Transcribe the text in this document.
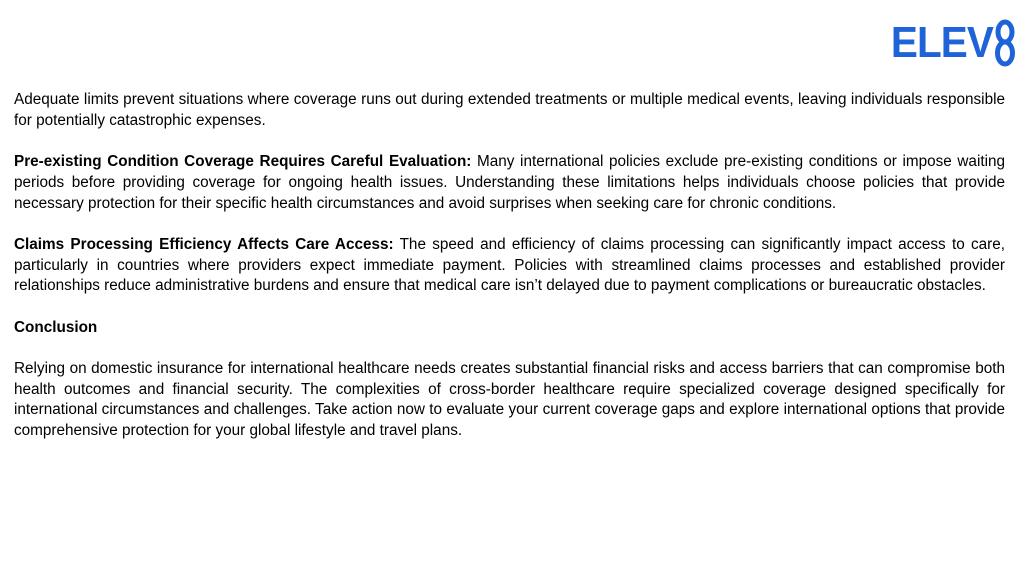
ELEV

Adequate limits prevent situations where coverage runs out during extended treatments or multiple medical events, leaving individuals responsible for potentially catastrophic expenses.

Pre-existing Condition Coverage Requires Careful Evaluation: Many international policies exclude pre-existing conditions or impose waiting periods before providing coverage for ongoing health issues. Understanding these limitations helps individuals choose policies that provide necessary protection for their specific health circumstances and avoid surprises when seeking care for chronic conditions.

Claims Processing Efficiency Affects Care Access: The speed and efficiency of claims processing can significantly impact access to care, particularly in countries where providers expect immediate payment. Policies with streamlined claims processes and established provider relationships reduce administrative burdens and ensure that medical care isn’t delayed due to payment complications or bureaucratic obstacles.

Conclusion

Relying on domestic insurance for international healthcare needs creates substantial financial risks and access barriers that can compromise both health outcomes and financial security. The complexities of cross-border healthcare require specialized coverage designed specifically for international circumstances and challenges. Take action now to evaluate your current coverage gaps and explore international options that provide comprehensive protection for your global lifestyle and travel plans.
